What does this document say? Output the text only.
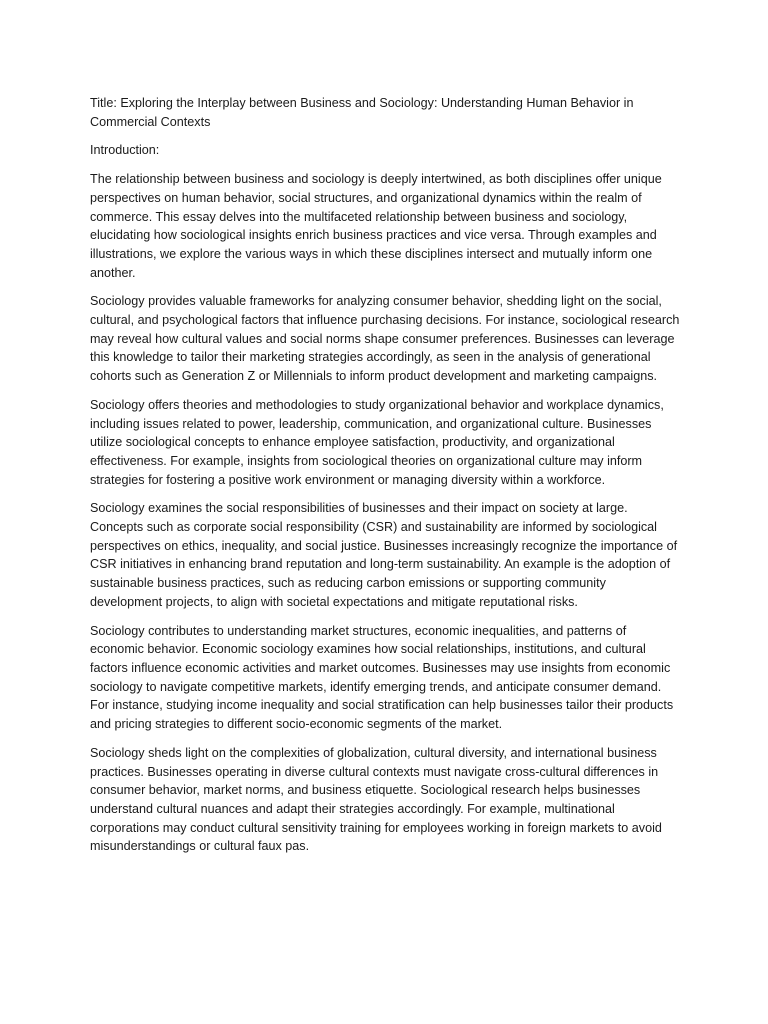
Title: Exploring the Interplay between Business and Sociology: Understanding Human Behavior in Commercial Contexts

Introduction:

The relationship between business and sociology is deeply intertwined, as both disciplines offer unique perspectives on human behavior, social structures, and organizational dynamics within the realm of commerce. This essay delves into the multifaceted relationship between business and sociology, elucidating how sociological insights enrich business practices and vice versa. Through examples and illustrations, we explore the various ways in which these disciplines intersect and mutually inform one another.

Sociology provides valuable frameworks for analyzing consumer behavior, shedding light on the social, cultural, and psychological factors that influence purchasing decisions. For instance, sociological research may reveal how cultural values and social norms shape consumer preferences. Businesses can leverage this knowledge to tailor their marketing strategies accordingly, as seen in the analysis of generational cohorts such as Generation Z or Millennials to inform product development and marketing campaigns.

Sociology offers theories and methodologies to study organizational behavior and workplace dynamics, including issues related to power, leadership, communication, and organizational culture. Businesses utilize sociological concepts to enhance employee satisfaction, productivity, and organizational effectiveness. For example, insights from sociological theories on organizational culture may inform strategies for fostering a positive work environment or managing diversity within a workforce.

Sociology examines the social responsibilities of businesses and their impact on society at large. Concepts such as corporate social responsibility (CSR) and sustainability are informed by sociological perspectives on ethics, inequality, and social justice. Businesses increasingly recognize the importance of CSR initiatives in enhancing brand reputation and long-term sustainability. An example is the adoption of sustainable business practices, such as reducing carbon emissions or supporting community development projects, to align with societal expectations and mitigate reputational risks.

Sociology contributes to understanding market structures, economic inequalities, and patterns of economic behavior. Economic sociology examines how social relationships, institutions, and cultural factors influence economic activities and market outcomes. Businesses may use insights from economic sociology to navigate competitive markets, identify emerging trends, and anticipate consumer demand. For instance, studying income inequality and social stratification can help businesses tailor their products and pricing strategies to different socio-economic segments of the market.

Sociology sheds light on the complexities of globalization, cultural diversity, and international business practices. Businesses operating in diverse cultural contexts must navigate cross-cultural differences in consumer behavior, market norms, and business etiquette. Sociological research helps businesses understand cultural nuances and adapt their strategies accordingly. For example, multinational corporations may conduct cultural sensitivity training for employees working in foreign markets to avoid misunderstandings or cultural faux pas.
